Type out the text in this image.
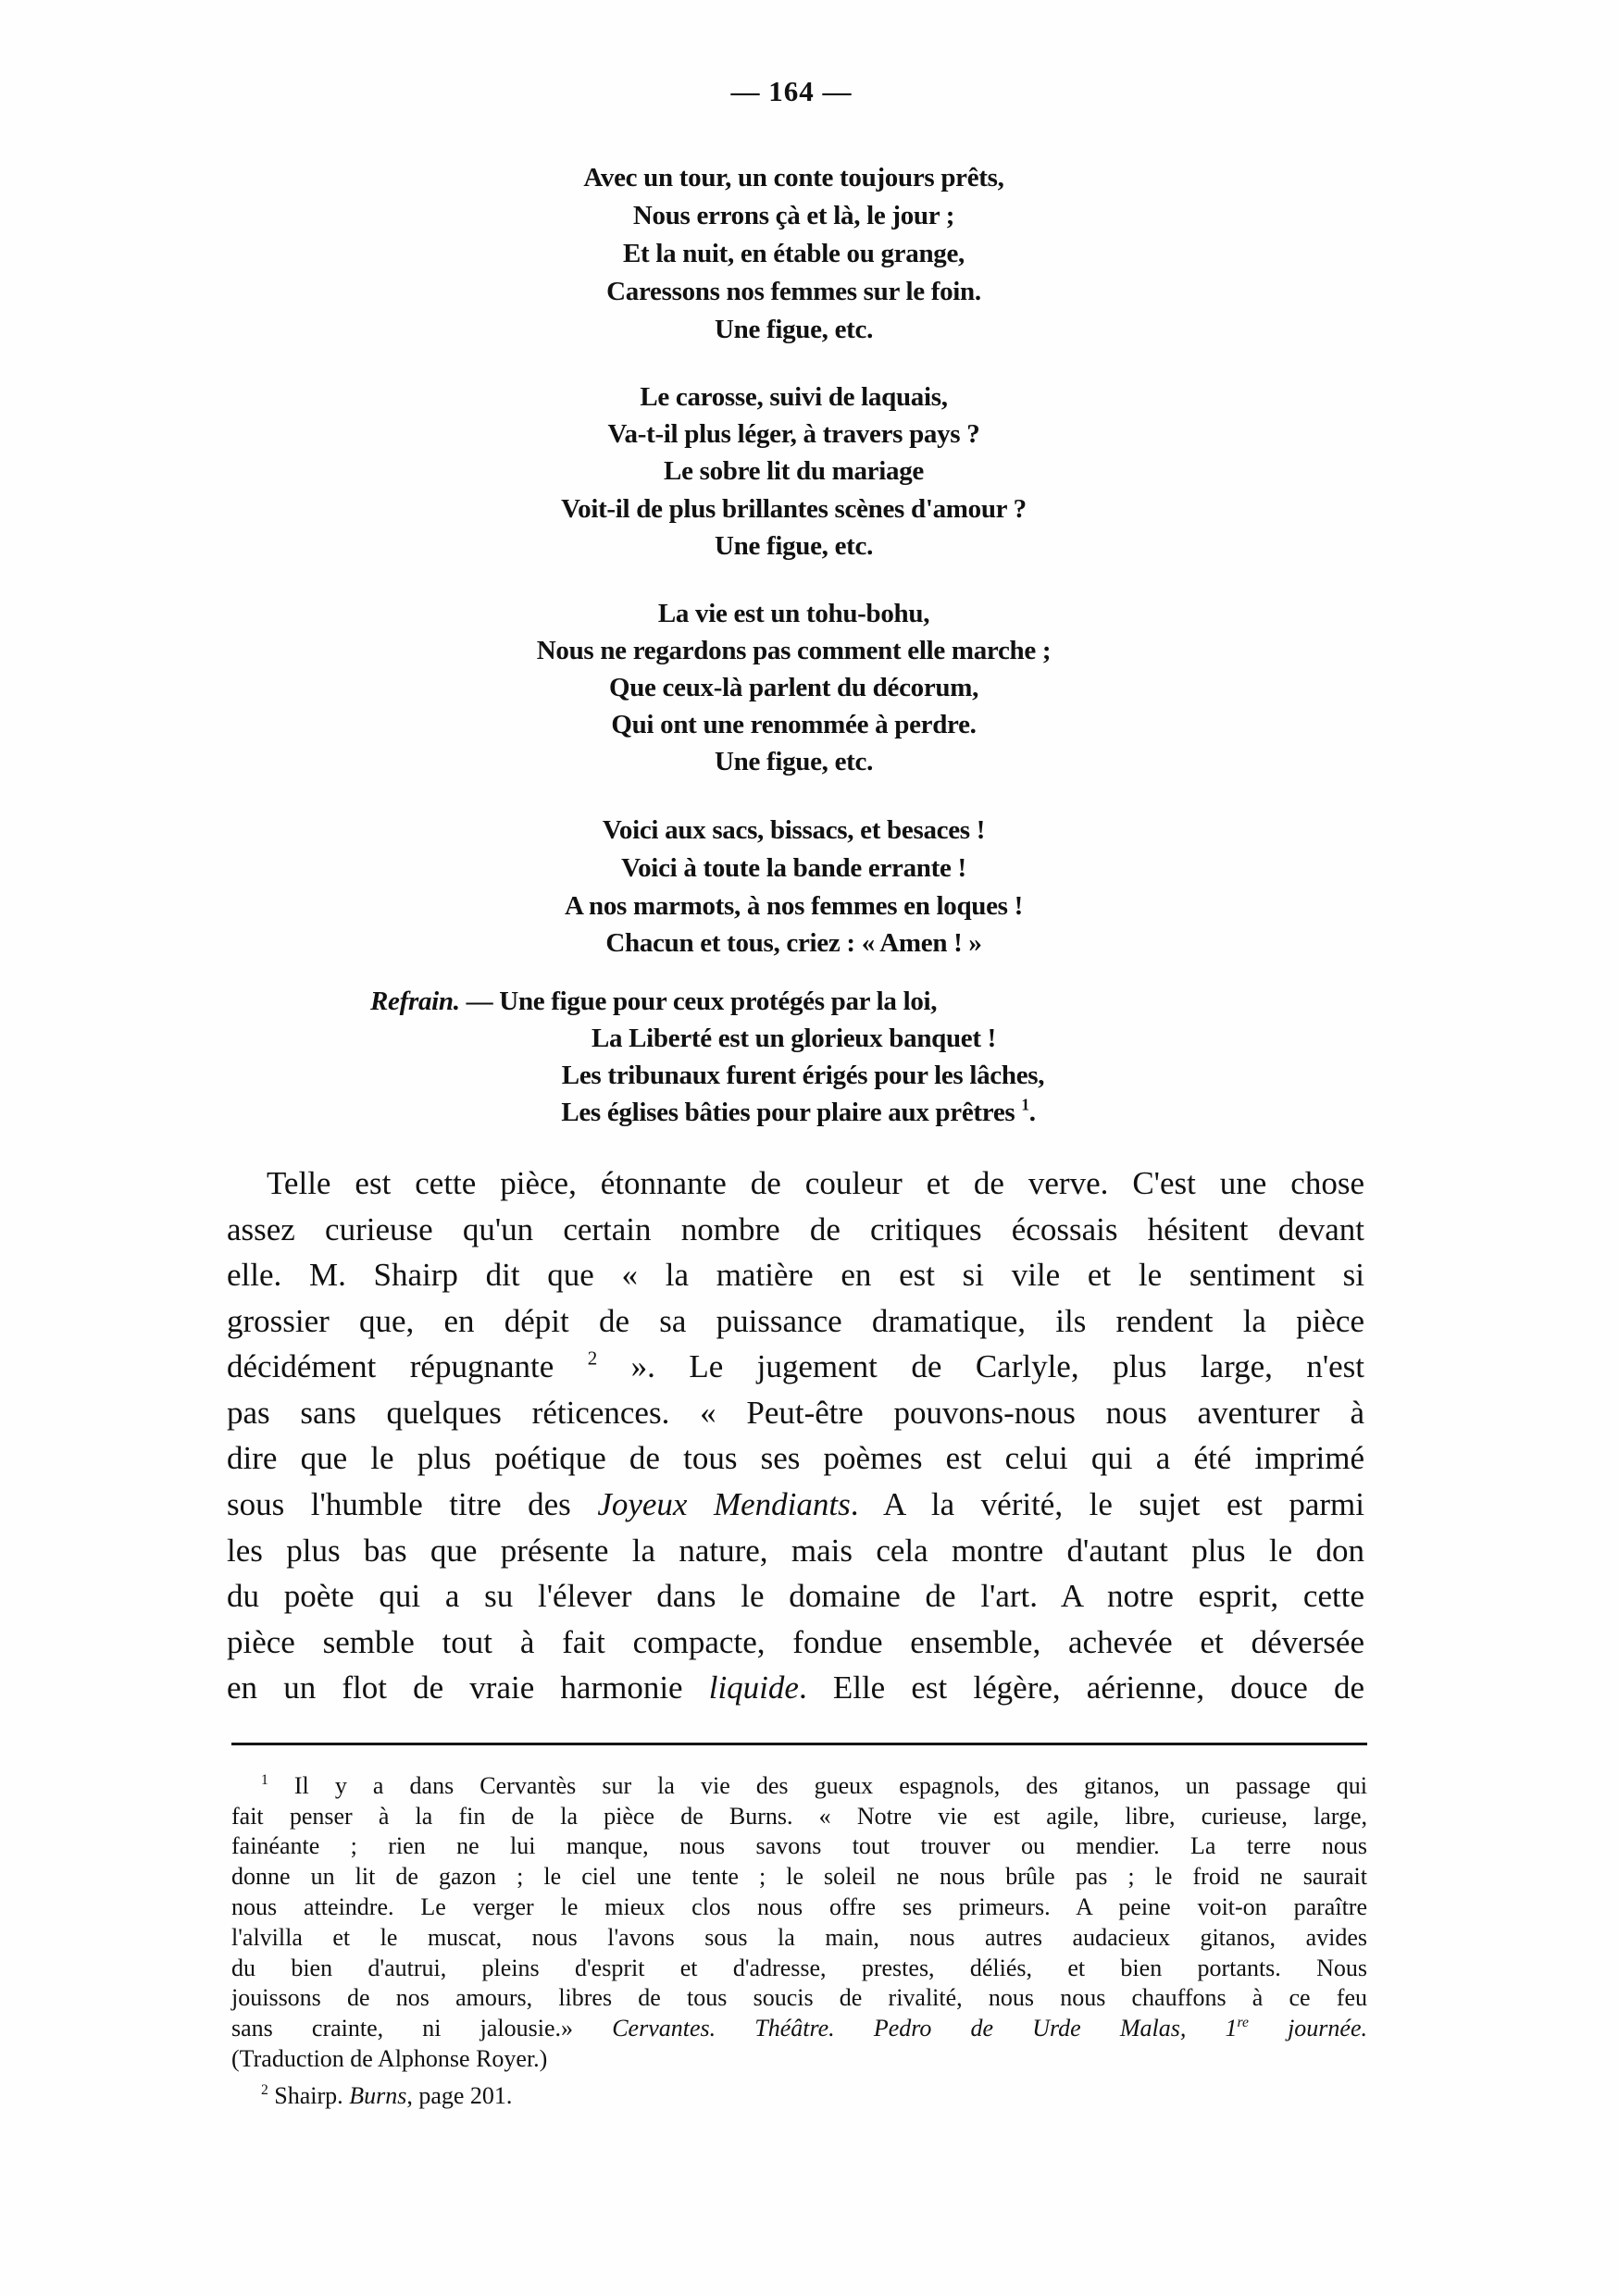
— 164 —
Avec un tour, un conte toujours prêts,
Nous errons çà et là, le jour ;
Et la nuit, en étable ou grange,
Caressons nos femmes sur le foin.
Une figue, etc.
Le carosse, suivi de laquais,
Va-t-il plus léger, à travers pays ?
Le sobre lit du mariage
Voit-il de plus brillantes scènes d'amour ?
Une figue, etc.
La vie est un tohu-bohu,
Nous ne regardons pas comment elle marche ;
Que ceux-là parlent du décorum,
Qui ont une renommée à perdre.
Une figue, etc.
Voici aux sacs, bissacs, et besaces !
Voici à toute la bande errante !
A nos marmots, à nos femmes en loques !
Chacun et tous, criez : « Amen ! »
Refrain. — Une figue pour ceux protégés par la loi,
La Liberté est un glorieux banquet !
Les tribunaux furent érigés pour les lâches,
Les églises bâties pour plaire aux prêtres $^1$.
Telle est cette pièce, étonnante de couleur et de verve. C'est une chose
assez curieuse qu'un certain nombre de critiques écossais hésitent devant
elle. M. Shairp dit que « la matière en est si vile et le sentiment si
grossier que, en dépit de sa puissance dramatique, ils rendent la pièce
décidément répugnante $^2$ ». Le jugement de Carlyle, plus large, n'est
pas sans quelques réticences. « Peut-être pouvons-nous nous aventurer à
dire que le plus poétique de tous ses poèmes est celui qui a été imprimé
sous l'humble titre des Joyeux Mendiants. A la vérité, le sujet est parmi
les plus bas que présente la nature, mais cela montre d'autant plus le don
du poète qui a su l'élever dans le domaine de l'art. A notre esprit, cette
pièce semble tout à fait compacte, fondue ensemble, achevée et déversée
en un flot de vraie harmonie liquide. Elle est légère, aérienne, douce de
$^1$ Il y a dans Cervantès sur la vie des gueux espagnols, des gitanos, un passage qui
fait penser à la fin de la pièce de Burns. « Notre vie est agile, libre, curieuse, large,
fainéante ; rien ne lui manque, nous savons tout trouver ou mendier. La terre nous
donne un lit de gazon ; le ciel une tente ; le soleil ne nous brûle pas ; le froid ne saurait
nous atteindre. Le verger le mieux clos nous offre ses primeurs. A peine voit-on paraître
l'alvilla et le muscat, nous l'avons sous la main, nous autres audacieux gitanos, avides
du bien d'autrui, pleins d'esprit et d'adresse, prestes, déliés, et bien portants. Nous
jouissons de nos amours, libres de tous soucis de rivalité, nous nous chauffons à ce feu
sans crainte, ni jalousie.» Cervantes. Théâtre. Pedro de Urde Malas, 1re journée.
(Traduction de Alphonse Royer.)
$^2$ Shairp. Burns, page 201.
